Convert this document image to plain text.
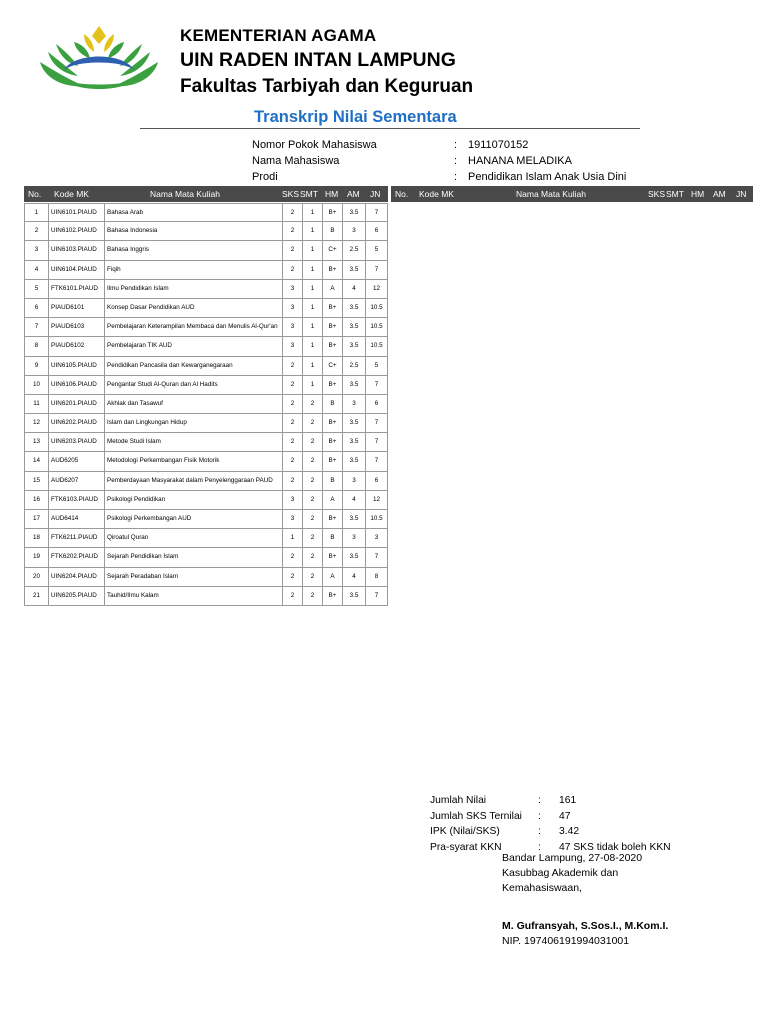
KEMENTERIAN AGAMA
UIN RADEN INTAN LAMPUNG
Fakultas Tarbiyah dan Keguruan
Transkrip Nilai Sementara
Nomor Pokok Mahasiswa	: 1911070152
Nama Mahasiswa	: HANANA MELADIKA
Prodi	: Pendidikan Islam Anak Usia Dini
No. Kode MK	Nama Mata Kuliah	SKS SMT HM AM JN No. Kode MK	Nama Mata Kuliah	SKS SMT HM AM JN
1	UIN6101.PIAUD	Bahasa Arab	2	1	B+	3.5	7
2	UIN6102.PIAUD	Bahasa Indonesia	2	1	B	3	6
3	UIN6103.PIAUD	Bahasa Inggris	2	1	C+	2.5	5
4	UIN6104.PIAUD	Fiqih	2	1	B+	3.5	7
5	FTK6101.PIAUD	Ilmu Pendidikan Islam	3	1	A	4	12
6	PIAUD6101	Konsep Dasar Pendidikan AUD	3	1	B+	3.5	10.5
7	PIAUD6103	Pembelajaran Keterampilan Membaca dan Menulis Al-Qur'an	3	1	B+	3.5	10.5
8	PIAUD6102	Pembelajaran TIK AUD	3	1	B+	3.5	10.5
9	UIN6105.PIAUD	Pendidikan Pancasila dan Kewarganegaraan	2	1	C+	2.5	5
10	UIN6106.PIAUD	Pengantar Studi Al-Quran dan Al Hadits	2	1	B+	3.5	7
11	UIN6201.PIAUD	Akhlak dan Tasawuf	2	2	B	3	6
12	UIN6202.PIAUD	Islam dan Lingkungan Hidup	2	2	B+	3.5	7
13	UIN6203.PIAUD	Metode Studi Islam	2	2	B+	3.5	7
14	AUD6205	Metodologi Perkembangan Fisik Motorik	2	2	B+	3.5	7
15	AUD6207	Pemberdayaan Masyarakat dalam Penyelenggaraan PAUD	2	2	B	3	6
16	FTK6103.PIAUD	Psikologi Pendidikan	3	2	A	4	12
17	AUD6414	Psikologi Perkembangan AUD	3	2	B+	3.5	10.5
18	FTK6211.PIAUD	Qiroatul Quran	1	2	B	3	3
19	FTK6202.PIAUD	Sejarah Pendidikan Islam	2	2	B+	3.5	7
20	UIN6204.PIAUD	Sejarah Peradaban Islam	2	2	A	4	8
21	UIN6205.PIAUD	Tauhid/Ilmu Kalam	2	2	B+	3.5	7
Jumlah Nilai	: 161
Jumlah SKS Ternilai : 47
IPK (Nilai/SKS)	: 3.42
Pra-syarat KKN	: 47 SKS tidak boleh KKN
Bandar Lampung, 27-08-2020
Kasubbag Akademik dan
Kemahasiswaan,
M. Gufransyah, S.Sos.I., M.Kom.I.
NIP. 197406191994031001
